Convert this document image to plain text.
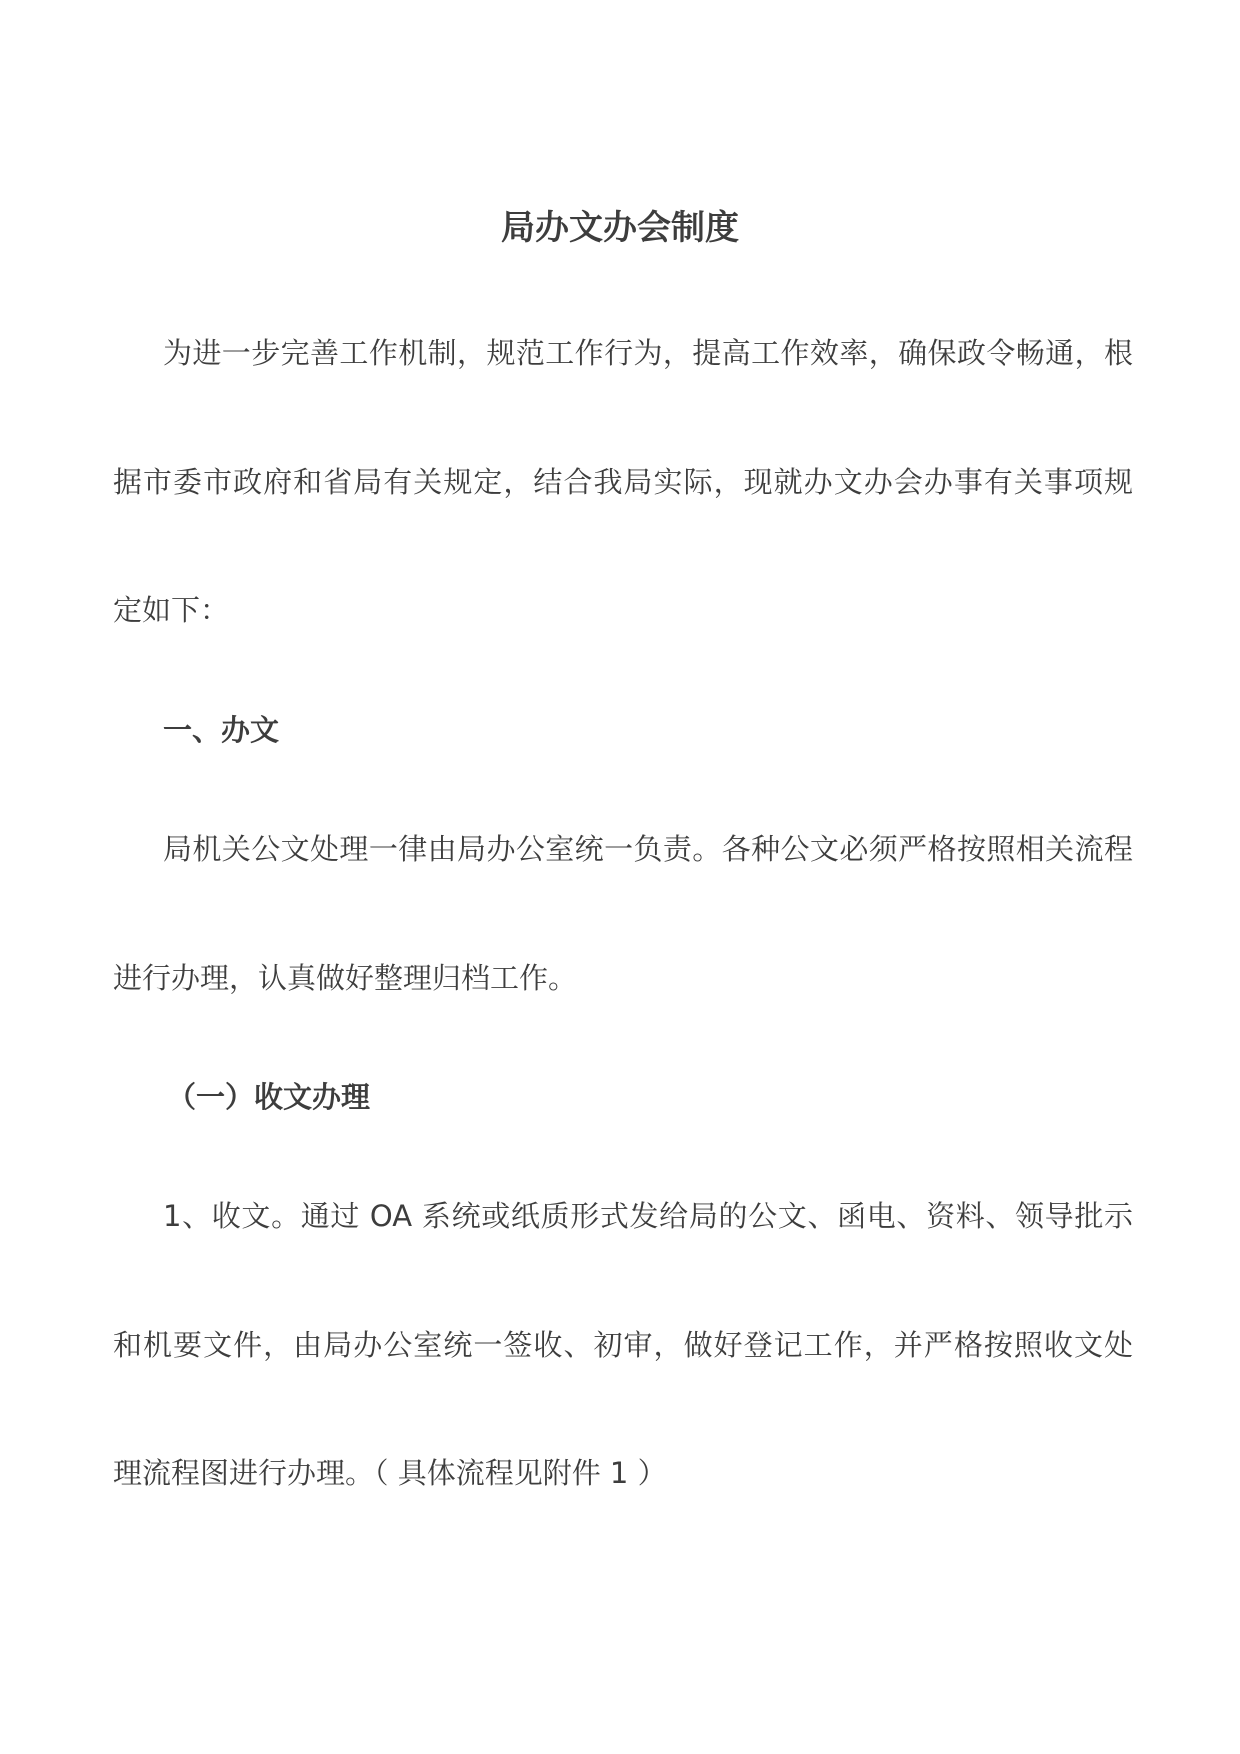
局办文办会制度
为进一步完善工作机制，规范工作行为，提高工作效率，确保政令畅通，根
据市委市政府和省局有关规定，结合我局实际，现就办文办会办事有关事项规
定如下：
一、办文
局机关公文处理一律由局办公室统一负责。各种公文必须严格按照相关流程
进行办理，认真做好整理归档工作。
（一）收文办理
1、收文。通过 OA 系统或纸质形式发给局的公文、函电、资料、领导批示
和机要文件，由局办公室统一签收、初审，做好登记工作，并严格按照收文处
理流程图进行办理。（ 具体流程见附件 1 ）
